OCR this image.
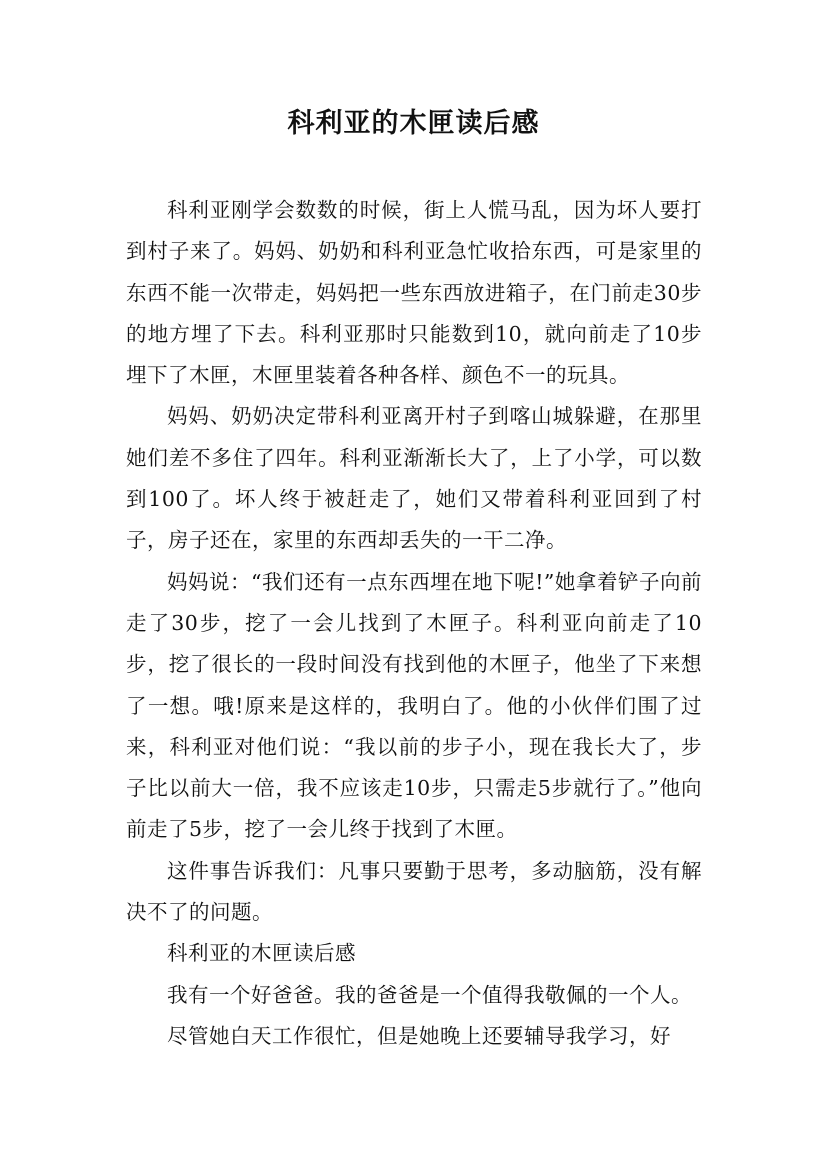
科利亚的木匣读后感

科利亚刚学会数数的时候，街上人慌马乱，因为坏人要打到村子来了。妈妈、奶奶和科利亚急忙收拾东西，可是家里的东西不能一次带走，妈妈把一些东西放进箱子，在门前走30步的地方埋了下去。科利亚那时只能数到10，就向前走了10步埋下了木匣，木匣里装着各种各样、颜色不一的玩具。

妈妈、奶奶决定带科利亚离开村子到喀山城躲避，在那里她们差不多住了四年。科利亚渐渐长大了，上了小学，可以数到100了。坏人终于被赶走了，她们又带着科利亚回到了村子，房子还在，家里的东西却丢失的一干二净。

妈妈说：“我们还有一点东西埋在地下呢!”她拿着铲子向前走了30步，挖了一会儿找到了木匣子。科利亚向前走了10步，挖了很长的一段时间没有找到他的木匣子，他坐了下来想了一想。哦!原来是这样的，我明白了。他的小伙伴们围了过来，科利亚对他们说：“我以前的步子小，现在我长大了，步子比以前大一倍，我不应该走10步，只需走5步就行了。”他向前走了5步，挖了一会儿终于找到了木匣。

这件事告诉我们：凡事只要勤于思考，多动脑筋，没有解决不了的问题。

科利亚的木匣读后感

我有一个好爸爸。我的爸爸是一个值得我敬佩的一个人。

尽管她白天工作很忙，但是她晚上还要辅导我学习，好
